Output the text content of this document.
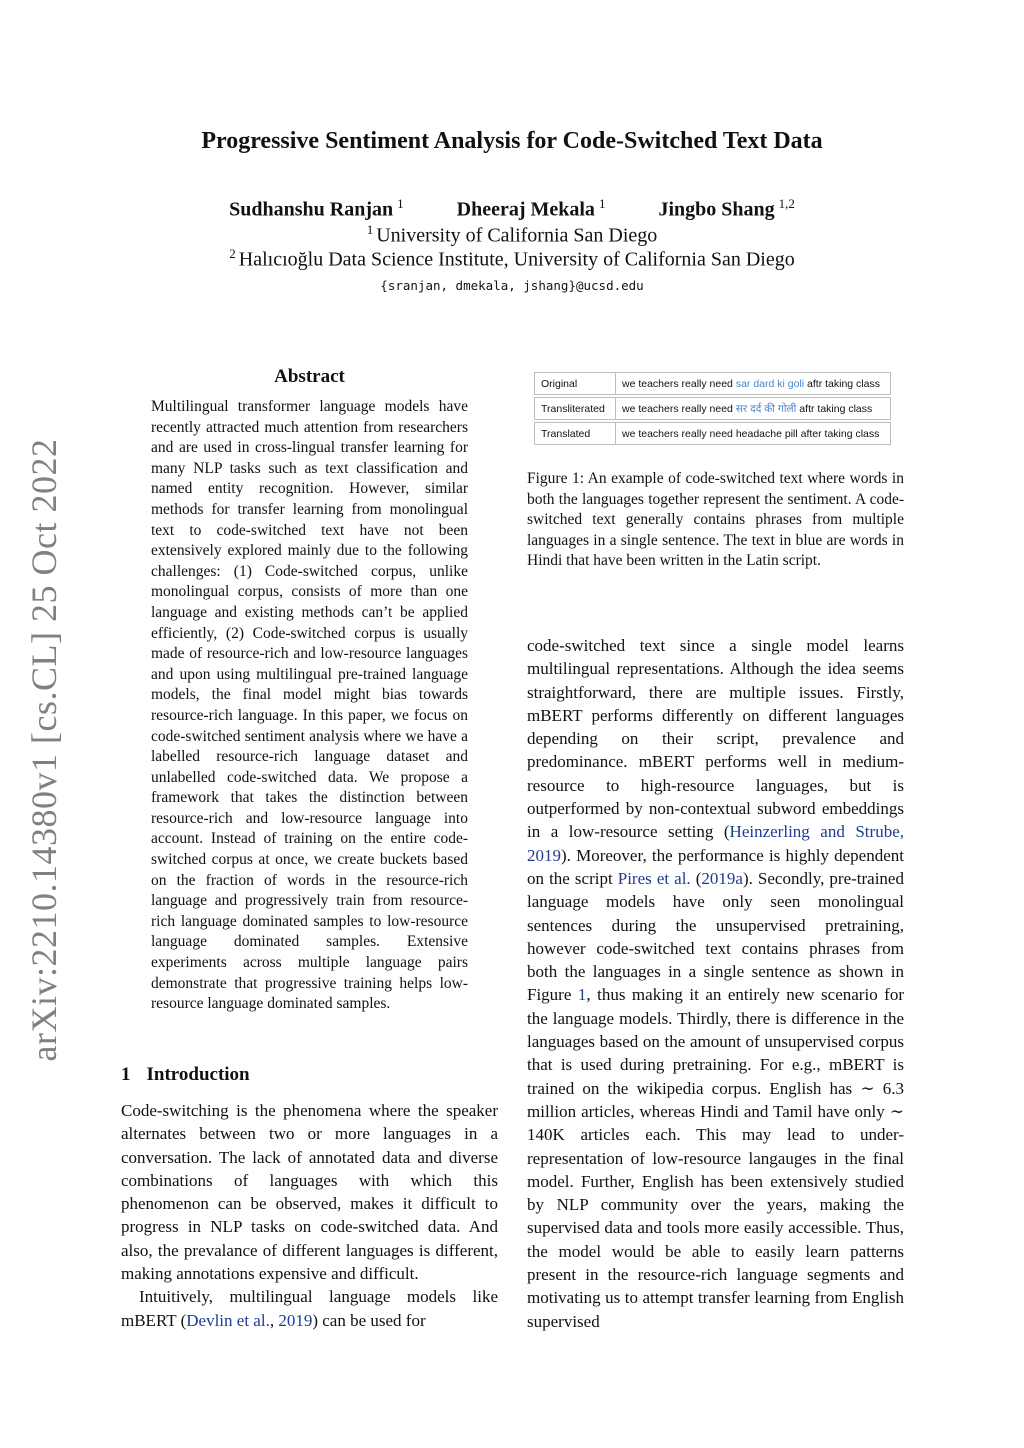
arXiv:2210.14380v1 [cs.CL] 25 Oct 2022
Progressive Sentiment Analysis for Code-Switched Text Data
Sudhanshu Ranjan $^1$	Dheeraj Mekala $^1$	Jingbo Shang $^{1,2}$
$^1$ University of California San Diego
$^2$ Halıcıoğlu Data Science Institute, University of California San Diego
{sranjan, dmekala, jshang}@ucsd.edu
Abstract
Multilingual transformer language models have recently attracted much attention from researchers and are used in cross-lingual transfer learning for many NLP tasks such as text classification and named entity recognition. However, similar methods for transfer learning from monolingual text to code-switched text have not been extensively explored mainly due to the following challenges: (1) Code-switched corpus, unlike monolingual corpus, consists of more than one language and existing methods can’t be applied efficiently, (2) Code-switched corpus is usually made of resource-rich and low-resource languages and upon using multilingual pre-trained language models, the final model might bias towards resource-rich language. In this paper, we focus on code-switched sentiment analysis where we have a labelled resource-rich language dataset and unlabelled code-switched data. We propose a framework that takes the distinction between resource-rich and low-resource language into account. Instead of training on the entire code-switched corpus at once, we create buckets based on the fraction of words in the resource-rich language and progressively train from resource-rich language dominated samples to low-resource language dominated samples. Extensive experiments across multiple language pairs demonstrate that progressive training helps low-resource language dominated samples.
1 Introduction

Code-switching is the phenomena where the speaker alternates between two or more languages in a conversation. The lack of annotated data and diverse combinations of languages with which this phenomenon can be observed, makes it difficult to progress in NLP tasks on code-switched data. And also, the prevalance of different languages is different, making annotations expensive and difficult.

Intuitively, multilingual language models like mBERT (Devlin et al., 2019) can be used for

Original	we teachers really need sar dard ki goli aftr taking class

Transliterated	we teachers really need सर दर्द की गोली aftr taking class

Translated	we teachers really need headache pill after taking class
Figure 1: An example of code-switched text where words in both the languages together represent the sentiment. A code-switched text generally contains phrases from multiple languages in a single sentence. The text in blue are words in Hindi that have been written in the Latin script.

code-switched text since a single model learns multilingual representations. Although the idea seems straightforward, there are multiple issues. Firstly, mBERT performs differently on different languages depending on their script, prevalence and predominance. mBERT performs well in medium-resource to high-resource languages, but is outperformed by non-contextual subword embeddings in a low-resource setting (Heinzerling and Strube, 2019). Moreover, the performance is highly dependent on the script Pires et al. (2019a). Secondly, pre-trained language models have only seen monolingual sentences during the unsupervised pretraining, however code-switched text contains phrases from both the languages in a single sentence as shown in Figure 1, thus making it an entirely new scenario for the language models. Thirdly, there is difference in the languages based on the amount of unsupervised corpus that is used during pretraining. For e.g., mBERT is trained on the wikipedia corpus. English has ∼ 6.3 million articles, whereas Hindi and Tamil have only ∼ 140K articles each. This may lead to under-representation of low-resource langauges in the final model. Further, English has been extensively studied by NLP community over the years, making the supervised data and tools more easily accessible. Thus, the model would be able to easily learn patterns present in the resource-rich language segments and motivating us to attempt transfer learning from English supervised
